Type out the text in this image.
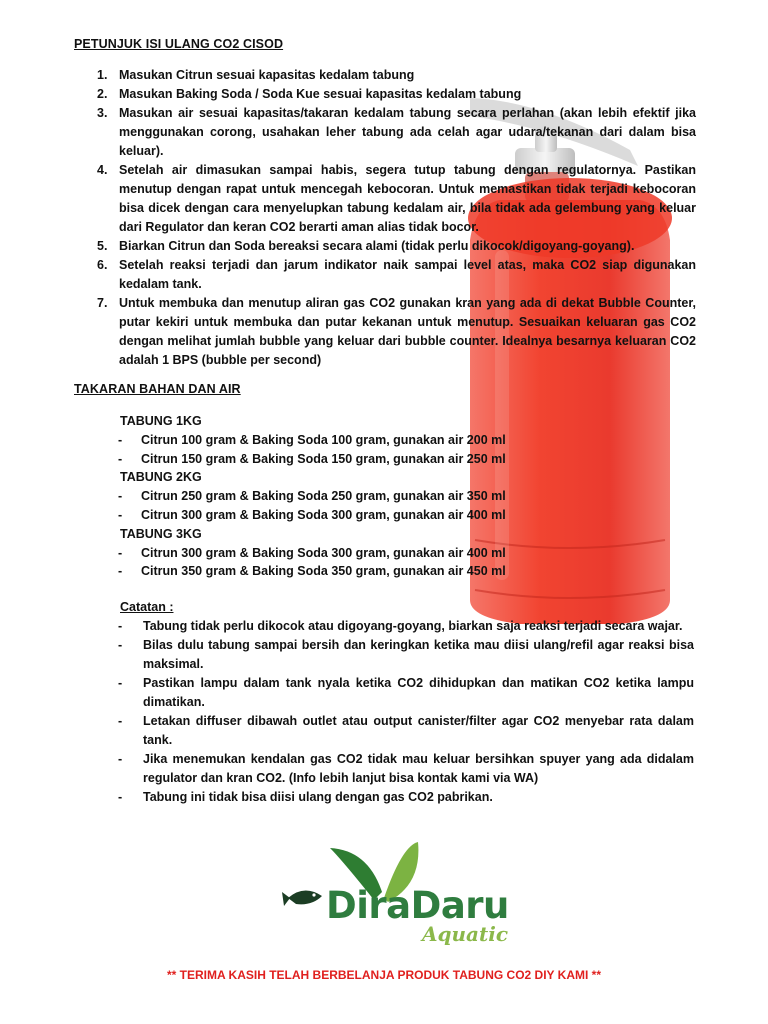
PETUNJUK ISI ULANG CO2 CISOD
1. Masukan Citrun sesuai kapasitas kedalam tabung
2. Masukan Baking Soda / Soda Kue sesuai kapasitas kedalam tabung
3. Masukan air sesuai kapasitas/takaran kedalam tabung secara perlahan (akan lebih efektif jika menggunakan corong, usahakan leher tabung ada celah agar udara/tekanan dari dalam bisa keluar).
4. Setelah air dimasukan sampai habis, segera tutup tabung dengan regulatornya. Pastikan menutup dengan rapat untuk mencegah kebocoran. Untuk memastikan tidak terjadi kebocoran bisa dicek dengan cara menyelupkan tabung kedalam air, bila tidak ada gelembung yang keluar dari Regulator dan keran CO2 berarti aman alias tidak bocor.
5. Biarkan Citrun dan Soda bereaksi secara alami (tidak perlu dikocok/digoyang-goyang).
6. Setelah reaksi terjadi dan jarum indikator naik sampai level atas, maka CO2 siap digunakan kedalam tank.
7. Untuk membuka dan menutup aliran gas CO2 gunakan kran yang ada di dekat Bubble Counter, putar kekiri untuk membuka dan putar kekanan untuk menutup. Sesuaikan keluaran gas CO2 dengan melihat jumlah bubble yang keluar dari bubble counter. Idealnya besarnya keluaran CO2 adalah 1 BPS (bubble per second)
TAKARAN BAHAN DAN AIR
TABUNG 1KG
- Citrun 100 gram & Baking Soda 100 gram, gunakan air 200 ml
- Citrun 150 gram & Baking Soda 150 gram, gunakan air 250 ml
TABUNG 2KG
- Citrun 250 gram & Baking Soda 250 gram, gunakan air 350 ml
- Citrun 300 gram & Baking Soda 300 gram, gunakan air 400 ml
TABUNG 3KG
- Citrun 300 gram & Baking Soda 300 gram, gunakan air 400 ml
- Citrun 350 gram & Baking Soda 350 gram, gunakan air 450 ml
Catatan :
- Tabung tidak perlu dikocok atau digoyang-goyang, biarkan saja reaksi terjadi secara wajar.
- Bilas dulu tabung sampai bersih dan keringkan ketika mau diisi ulang/refil agar reaksi bisa maksimal.
- Pastikan lampu dalam tank nyala ketika CO2 dihidupkan dan matikan CO2 ketika lampu dimatikan.
- Letakan diffuser dibawah outlet atau output canister/filter agar CO2 menyebar rata dalam tank.
- Jika menemukan kendalan gas CO2 tidak mau keluar bersihkan spuyer yang ada didalam regulator dan kran CO2. (Info lebih lanjut bisa kontak kami via WA)
- Tabung ini tidak bisa diisi ulang dengan gas CO2 pabrikan.
DiraDaru
Aquatic
** TERIMA KASIH TELAH BERBELANJA PRODUK TABUNG CO2 DIY KAMI **
